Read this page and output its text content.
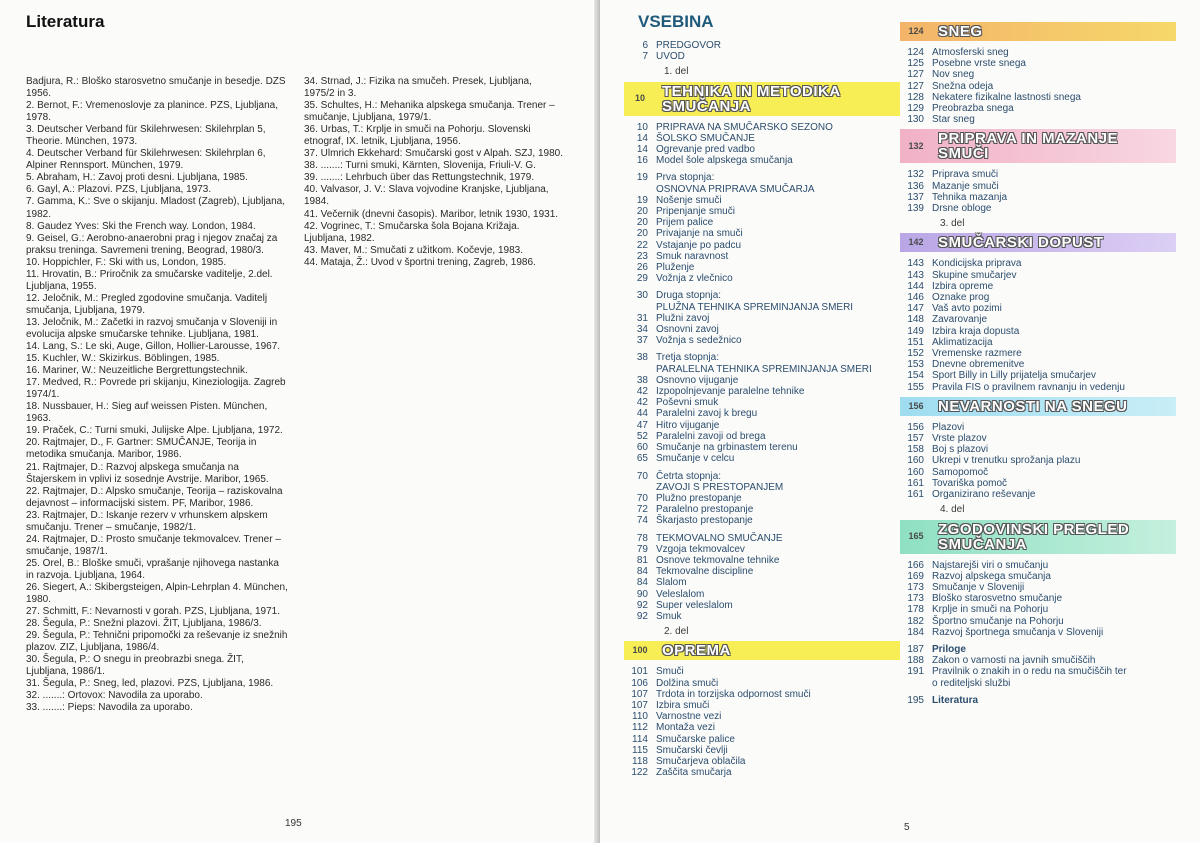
Literatura
Badjura, R.: Bloško starosvetno smučanje in besedje. DZS 1956.
2. Bernot, F.: Vremenoslovje za planince. PZS, Ljubljana, 1978.
3. Deutscher Verband für Skilehrwesen: Skilehrplan 5, Theorie. München, 1973.
4. Deutscher Verband für Skilehrwesen: Skilehrplan 6, Alpiner Rennsport. München, 1979.
5. Abraham, H.: Zavoj proti desni. Ljubljana, 1985.
6. Gayl, A.: Plazovi. PZS, Ljubljana, 1973.
7. Gamma, K.: Sve o skijanju. Mladost (Zagreb), Ljubljana, 1982.
8. Gaudez Yves: Ski the French way. London, 1984.
9. Geisel, G.: Aerobno-anaerobni prag i njegov značaj za praksu treninga. Savremeni trening, Beograd, 1980/3.
10. Hoppichler, F.: Ski with us, London, 1985.
11. Hrovatin, B.: Priročnik za smučarske vaditelje, 2.del. Ljubljana, 1955.
12. Jeločnik, M.: Pregled zgodovine smučanja. Vaditelj smučanja, Ljubljana, 1979.
13. Jeločnik, M.: Začetki in razvoj smučanja v Sloveniji in evolucija alpske smučarske tehnike. Ljubljana, 1981.
14. Lang, S.: Le ski, Auge, Gillon, Hollier-Larousse, 1967.
15. Kuchler, W.: Skizirkus. Böblingen, 1985.
16. Mariner, W.: Neuzeitliche Bergrettungstechnik.
17. Medved, R.: Povrede pri skijanju, Kineziologija. Zagreb 1974/1.
18. Nussbauer, H.: Sieg auf weissen Pisten. München, 1963.
19. Praček, C.: Turni smuki, Julijske Alpe. Ljubljana, 1972.
20. Rajtmajer, D., F. Gartner: SMUČANJE, Teorija in metodika smučanja. Maribor, 1986.
21. Rajtmajer, D.: Razvoj alpskega smučanja na Štajerskem in vplivi iz sosednje Avstrije. Maribor, 1965.
22. Rajtmajer, D.: Alpsko smučanje, Teorija – raziskovalna dejavnost – informacijski sistem. PF, Maribor, 1986.
23. Rajtmajer, D.: Iskanje rezerv v vrhunskem alpskem smučanju. Trener – smučanje, 1982/1.
24. Rajtmajer, D.: Prosto smučanje tekmovalcev. Trener – smučanje, 1987/1.
25. Orel, B.: Bloške smuči, vprašanje njihovega nastanka in razvoja. Ljubljana, 1964.
26. Siegert, A.: Skibergsteigen, Alpin-Lehrplan 4. München, 1980.
27. Schmitt, F.: Nevarnosti v gorah. PZS, Ljubljana, 1971.
28. Šegula, P.: Snežni plazovi. ŽIT, Ljubljana, 1986/3.
29. Šegula, P.: Tehnični pripomočki za reševanje iz snežnih plazov. ZIZ, Ljubljana, 1986/4.
30. Šegula, P.: O snegu in preobrazbi snega. ŽIT, Ljubljana, 1986/1.
31. Šegula, P.: Sneg, led, plazovi. PZS, Ljubljana, 1986.
32. .......: Ortovox: Navodila za uporabo.
33. .......: Pieps: Navodila za uporabo.
34. Strnad, J.: Fizika na smučeh. Presek, Ljubljana, 1975/2 in 3.
35. Schultes, H.: Mehanika alpskega smučanja. Trener – smučanje, Ljubljana, 1979/1.
36. Urbas, T.: Krplje in smuči na Pohorju. Slovenski etnograf, IX. letnik, Ljubljana, 1956.
37. Ulmrich Ekkehard: Smučarski gost v Alpah. SZJ, 1980.
38. .......: Turni smuki, Kärnten, Slovenija, Friuli-V. G.
39. .......: Lehrbuch über das Rettungstechnik, 1979.
40. Valvasor, J. V.: Slava vojvodine Kranjske, Ljubljana, 1984.
41. Večernik (dnevni časopis). Maribor, letnik 1930, 1931.
42. Vogrinec, T.: Smučarska šola Bojana Križaja. Ljubljana, 1982.
43. Maver, M.: Smučati z užitkom. Kočevje, 1983.
44. Mataja, Ž.: Uvod v športni trening, Zagreb, 1986.
195
VSEBINA
6 PREDGOVOR
7 UVOD
1. del
10	TEHNIKA IN METODIKA SMUČANJA
10 PRIPRAVA NA SMUČARSKO SEZONO
14 ŠOLSKO SMUČANJE
14 Ogrevanje pred vadbo
16 Model šole alpskega smučanja
19 Prva stopnja:
OSNOVNA PRIPRAVA SMUČARJA
19 Nošenje smuči
20 Pripenjanje smuči
20 Prijem palice
20 Privajanje na smuči
22 Vstajanje po padcu
23 Smuk naravnost
26 Pluženje
29 Vožnja z vlečnico
30 Druga stopnja:
PLUŽNA TEHNIKA SPREMINJANJA SMERI
31 Plužni zavoj
34 Osnovni zavoj
37 Vožnja s sedežnico
38 Tretja stopnja:
PARALELNA TEHNIKA SPREMINJANJA SMERI
38 Osnovno vijuganje
42 Izpopolnjevanje paralelne tehnike
42 Poševni smuk
44 Paralelni zavoj k bregu
47 Hitro vijuganje
52 Paralelni zavoji od brega
60 Smučanje na grbinastem terenu
65 Smučanje v celcu
70 Četrta stopnja:
ZAVOJI S PRESTOPANJEM
70 Plužno prestopanje
72 Paralelno prestopanje
74 Škarjasto prestopanje
78 TEKMOVALNO SMUČANJE
79 Vzgoja tekmovalcev
81 Osnove tekmovalne tehnike
84 Tekmovalne discipline
84 Slalom
90 Veleslalom
92 Super veleslalom
92 Smuk
2. del
100 OPREMA
101 Smuči
106 Dolžina smuči
107 Trdota in torzijska odpornost smuči
107 Izbira smuči
110 Varnostne vezi
112 Montaža vezi
114 Smučarske palice
115 Smučarski čevlji
118 Smučarjeva oblačila
122 Zaščita smučarja
124 SNEG
124 Atmosferski sneg
125 Posebne vrste snega
127 Nov sneg
127 Snežna odeja
128 Nekatere fizikalne lastnosti snega
129 Preobrazba snega
130 Star sneg
132 PRIPRAVA IN MAZANJE SMUČI
132 Priprava smuči
136 Mazanje smuči
137 Tehnika mazanja
139 Drsne obloge
3. del
142 SMUČARSKI DOPUST
143 Kondicijska priprava
143 Skupine smučarjev
144 Izbira opreme
146 Oznake prog
147 Vaš avto pozimi
148 Zavarovanje
149 Izbira kraja dopusta
151 Aklimatizacija
152 Vremenske razmere
153 Dnevne obremenitve
154 Sport Billy in Lilly prijatelja smučarjev
155 Pravila FIS o pravilnem ravnanju in vedenju
156 NEVARNOSTI NA SNEGU
156 Plazovi
157 Vrste plazov
158 Boj s plazovi
160 Ukrepi v trenutku sprožanja plazu
160 Samopomoč
161 Tovariška pomoč
161 Organizirano reševanje
4. del
165 ZGODOVINSKI PREGLED SMUČANJA
166 Najstarejši viri o smučanju
169 Razvoj alpskega smučanja
173 Smučanje v Sloveniji
173 Bloško starosvetno smučanje
178 Krplje in smuči na Pohorju
182 Športno smučanje na Pohorju
184 Razvoj športnega smučanja v Sloveniji
187 Priloge
188 Zakon o varnosti na javnih smučiščih
191 Pravilnik o znakih in o redu na smučiščih ter
o rediteljski službi
195 Literatura
5
